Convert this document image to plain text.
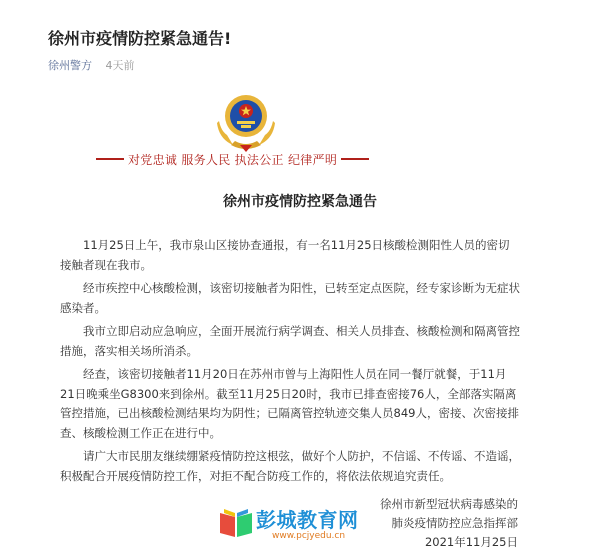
徐州市疫情防控紧急通告!
徐州警方 4天前
对党忠诚 服务人民 执法公正 纪律严明
徐州市疫情防控紧急通告

11月25日上午，我市泉山区接协查通报，有一名11月25日核酸检测阳性人员的密切接触者现在我市。

经市疾控中心核酸检测，该密切接触者为阳性，已转至定点医院，经专家诊断为无症状感染者。

我市立即启动应急响应，全面开展流行病学调查、相关人员排查、核酸检测和隔离管控措施，落实相关场所消杀。

经查，该密切接触者11月20日在苏州市曾与上海阳性人员在同一餐厅就餐，于11月21日晚乘坐G8300来到徐州。截至11月25日20时，我市已排查密接76人，全部落实隔离管控措施，已出核酸检测结果均为阴性；已隔离管控轨迹交集人员849人，密接、次密接排查、核酸检测工作正在进行中。

请广大市民朋友继续绷紧疫情防控这根弦，做好个人防护，不信谣、不传谣、不造谣，积极配合开展疫情防控工作，对拒不配合防疫工作的，将依法依规追究责任。

徐州市新型冠状病毒感染的
肺炎疫情防控应急指挥部
2021年11月25日
彭城教育网
www.pcjyedu.cn
